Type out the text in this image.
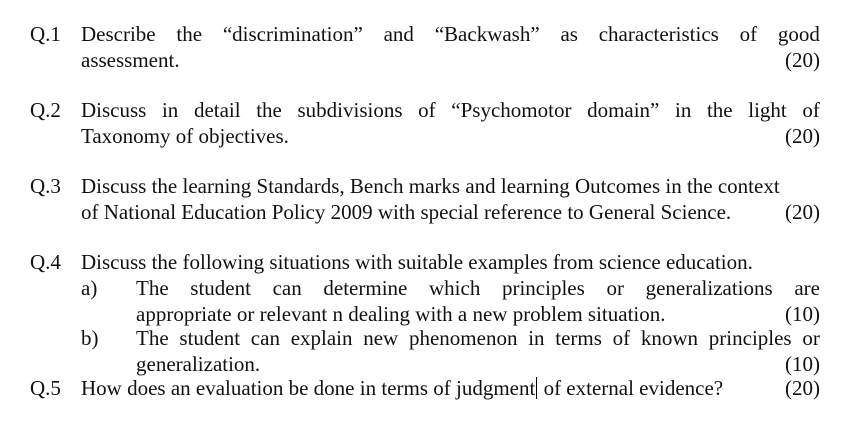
Q.1 Describe the “discrimination” and “Backwash” as characteristics of good
assessment.	(20)
Q.2 Discuss in detail the subdivisions of “Psychomotor domain” in the light of
Taxonomy of objectives.	(20)
Q.3 Discuss the learning Standards, Bench marks and learning Outcomes in the context
of National Education Policy 2009 with special reference to General Science.	(20)
Q.4 Discuss the following situations with suitable examples from science education.
a) The student can determine which principles or generalizations are
appropriate or relevant n dealing with a new problem situation.	(10)
b) The student can explain new phenomenon in terms of known principles or
generalization.	(10)
Q.5 How does an evaluation be done in terms of judgment of external evidence?	(20)
